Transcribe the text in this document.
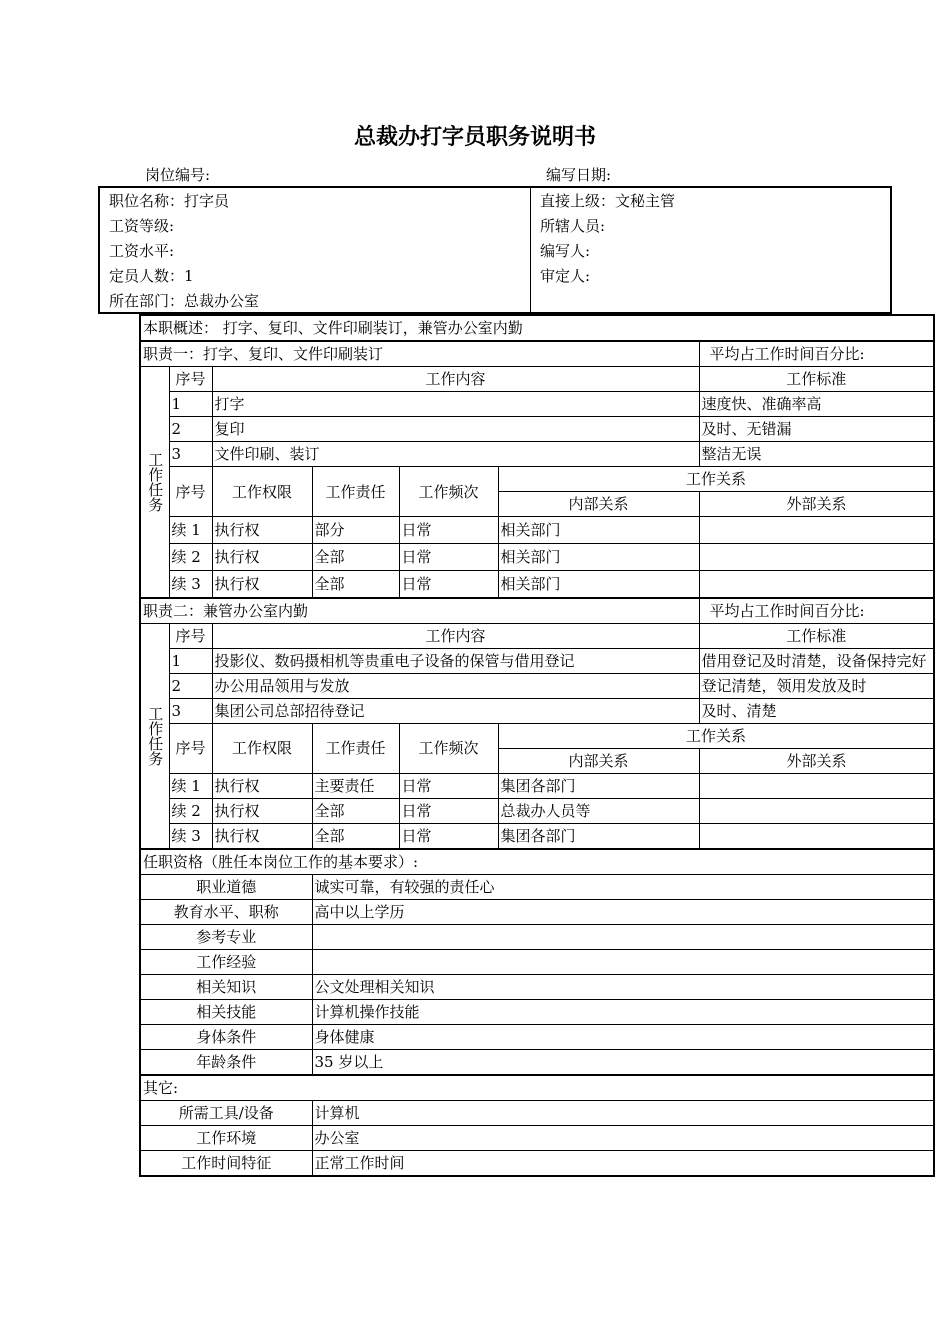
总裁办打字员职务说明书
岗位编号:	编写日期:
职位名称：打字员
工资等级:
工资水平:
定员人数：1
所在部门：总裁办公室
直接上级：文秘主管
所辖人员:
编写人:
审定人:
本职概述： 打字、复印、文件印刷装订，兼管办公室内勤						
职责一：打字、复印、文件印刷装订						平均占工作时间百分比:
工作任务	序号	工作内容				工作标准
	1	打字				速度快、准确率高
	2	复印				及时、无错漏
	3	文件印刷、装订				整洁无误
	序号	工作权限	工作责任	工作频次	工作关系	
					内部关系	外部关系
	续 1	执行权	部分	日常	相关部门	
	续 2	执行权	全部	日常	相关部门	
	续 3	执行权	全部	日常	相关部门	
职责二：兼管办公室内勤						平均占工作时间百分比:
工作任务	序号	工作内容				工作标准
	1	投影仪、数码摄相机等贵重电子设备的保管与借用登记				借用登记及时清楚，设备保持完好
	2	办公用品领用与发放				登记清楚，领用发放及时
	3	集团公司总部招待登记				及时、清楚
	序号	工作权限	工作责任	工作频次	工作关系	
					内部关系	外部关系
	续 1	执行权	主要责任	日常	集团各部门	
	续 2	执行权	全部	日常	总裁办人员等	
	续 3	执行权	全部	日常	集团各部门	
任职资格（胜任本岗位工作的基本要求）:						
职业道德			诚实可靠，有较强的责任心			
教育水平、职称			高中以上学历			
参考专业						
工作经验						
相关知识			公文处理相关知识			
相关技能			计算机操作技能			
身体条件			身体健康			
年龄条件			35 岁以上			
其它:						
所需工具/设备			计算机			
工作环境			办公室			
工作时间特征			正常工作时间			
